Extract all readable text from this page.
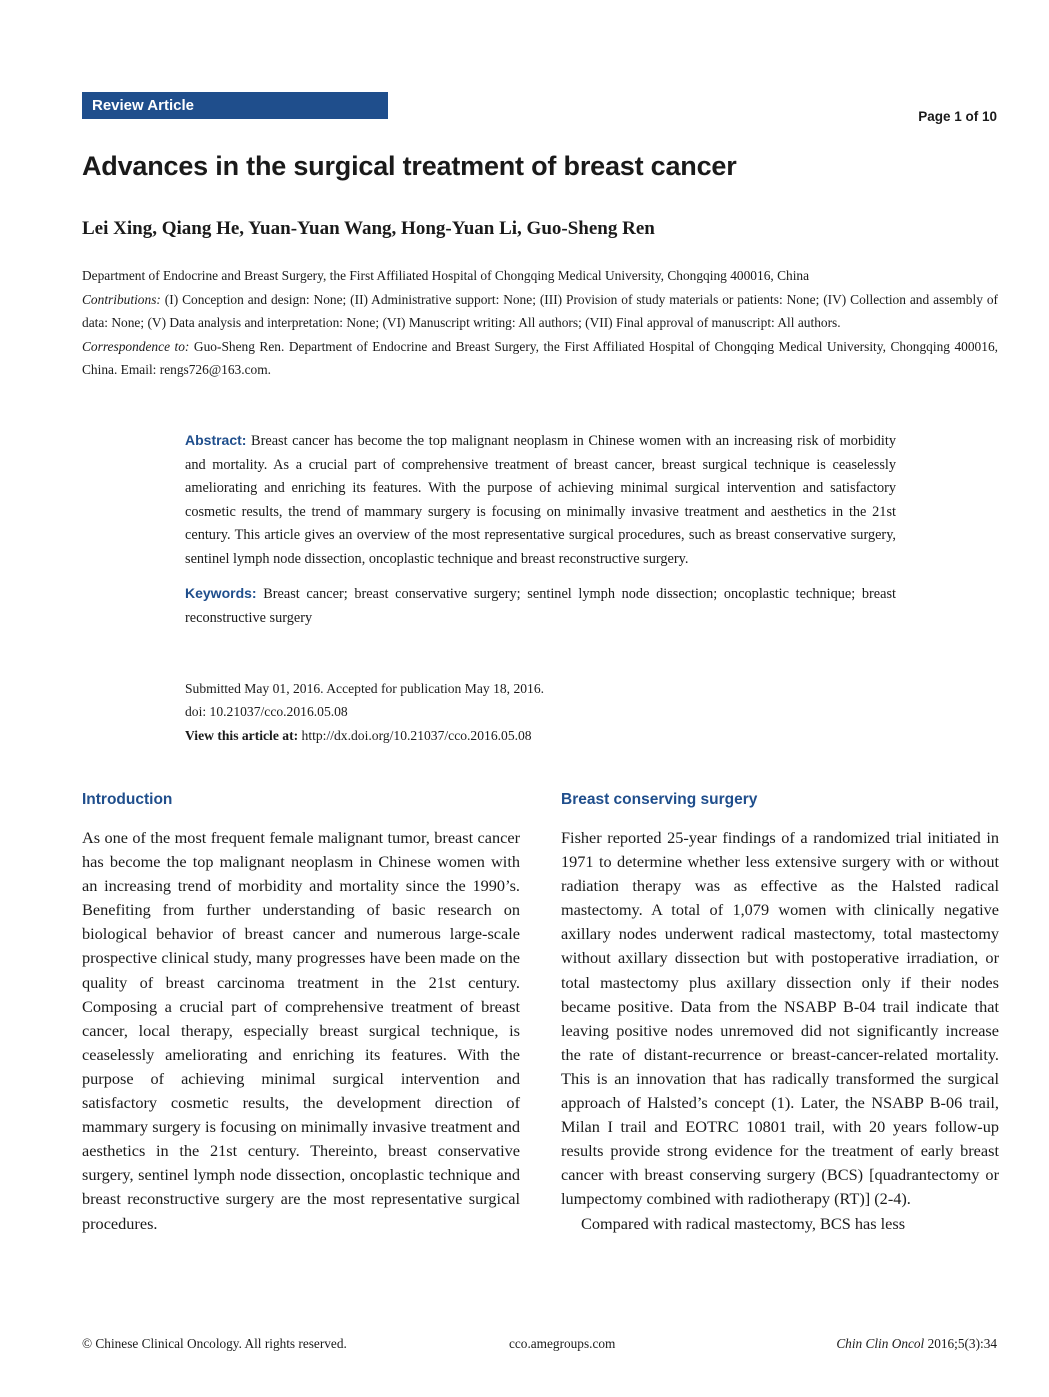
Review Article
Page 1 of 10
Advances in the surgical treatment of breast cancer
Lei Xing, Qiang He, Yuan-Yuan Wang, Hong-Yuan Li, Guo-Sheng Ren

Department of Endocrine and Breast Surgery, the First Affiliated Hospital of Chongqing Medical University, Chongqing 400016, China

Contributions: (I) Conception and design: None; (II) Administrative support: None; (III) Provision of study materials or patients: None; (IV) Collection and assembly of data: None; (V) Data analysis and interpretation: None; (VI) Manuscript writing: All authors; (VII) Final approval of manuscript: All authors.

Correspondence to: Guo-Sheng Ren. Department of Endocrine and Breast Surgery, the First Affiliated Hospital of Chongqing Medical University, Chongqing 400016, China. Email: rengs726@163.com.

Abstract: Breast cancer has become the top malignant neoplasm in Chinese women with an increasing risk of morbidity and mortality. As a crucial part of comprehensive treatment of breast cancer, breast surgical technique is ceaselessly ameliorating and enriching its features. With the purpose of achieving minimal surgical intervention and satisfactory cosmetic results, the trend of mammary surgery is focusing on minimally invasive treatment and aesthetics in the 21st century. This article gives an overview of the most representative surgical procedures, such as breast conservative surgery, sentinel lymph node dissection, oncoplastic technique and breast reconstructive surgery.

Keywords: Breast cancer; breast conservative surgery; sentinel lymph node dissection; oncoplastic technique; breast reconstructive surgery

Submitted May 01, 2016. Accepted for publication May 18, 2016.

doi: 10.21037/cco.2016.05.08

View this article at: http://dx.doi.org/10.21037/cco.2016.05.08

Introduction	Breast conserving surgery

As one of the most frequent female malignant tumor, breast cancer has become the top malignant neoplasm in Chinese women with an increasing trend of morbidity and mortality since the 1990’s. Benefiting from further understanding of basic research on biological behavior of breast cancer and numerous large-scale prospective clinical study, many progresses have been made on the quality of breast carcinoma treatment in the 21st century. Composing a crucial part of comprehensive treatment of breast cancer, local therapy, especially breast surgical technique, is ceaselessly ameliorating and enriching its features. With the purpose of achieving minimal surgical intervention and satisfactory cosmetic results, the development direction of mammary surgery is focusing on minimally invasive treatment and aesthetics in the 21st century. Thereinto, breast conservative surgery, sentinel lymph node dissection, oncoplastic technique and breast reconstructive surgery are the most representative surgical procedures.

Fisher reported 25-year findings of a randomized trial initiated in 1971 to determine whether less extensive surgery with or without radiation therapy was as effective as the Halsted radical mastectomy. A total of 1,079 women with clinically negative axillary nodes underwent radical mastectomy, total mastectomy without axillary dissection but with postoperative irradiation, or total mastectomy plus axillary dissection only if their nodes became positive. Data from the NSABP B-04 trail indicate that leaving positive nodes unremoved did not significantly increase the rate of distant-recurrence or breast-cancer-related mortality. This is an innovation that has radically transformed the surgical approach of Halsted’s concept (1). Later, the NSABP B-06 trail, Milan I trail and EOTRC 10801 trail, with 20 years follow-up results provide strong evidence for the treatment of early breast cancer with breast conserving surgery (BCS) [quadrantectomy or lumpectomy combined with radiotherapy (RT)] (2-4).

Compared with radical mastectomy, BCS has less

© Chinese Clinical Oncology. All rights reserved.	cco.amegroups.com	Chin Clin Oncol 2016;5(3):34
